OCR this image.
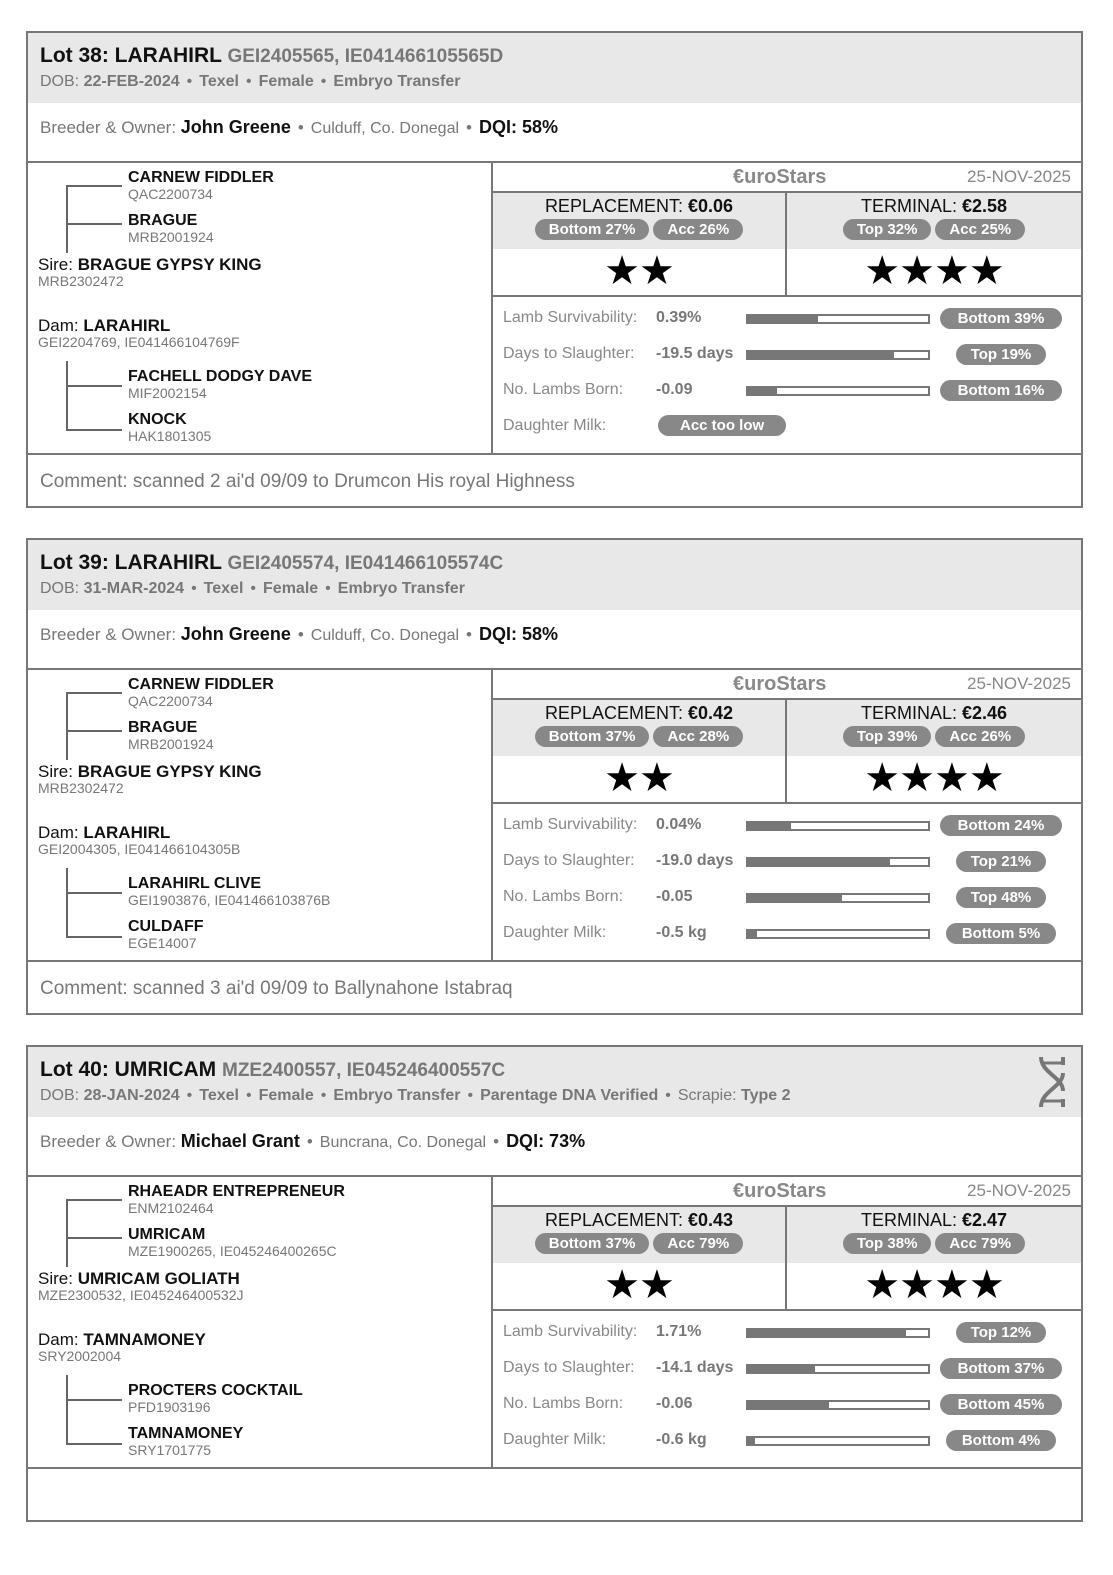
Lot 38: LARAHIRL GEI2405565, IE041466105565D
DOB: 22-FEB-2024 • Texel • Female • Embryo Transfer
Breeder & Owner: John Greene • Culduff, Co. Donegal • DQI: 58%
CARNEW FIDDLER
QAC2200734
BRAGUE
MRB2001924
Sire: BRAGUE GYPSY KING
MRB2302472
Dam: LARAHIRL
GEI2204769, IE041466104769F
FACHELL DODGY DAVE
MIF2002154
KNOCK
HAK1801305
€uroStars	25-NOV-2025
REPLACEMENT: €0.06
Bottom 27% Acc 26%
★★
TERMINAL: €2.58
Top 32% Acc 25%
★★★★
Lamb Survivability: 0.39%	Bottom 39%
Days to Slaughter: -19.5 days	Top 19%
No. Lambs Born: -0.09	Bottom 16%
Daughter Milk:	Acc too low
Comment: scanned 2 ai'd 09/09 to Drumcon His royal Highness
Lot 39: LARAHIRL GEI2405574, IE041466105574C
DOB: 31-MAR-2024 • Texel • Female • Embryo Transfer
Breeder & Owner: John Greene • Culduff, Co. Donegal • DQI: 58%
CARNEW FIDDLER
QAC2200734
BRAGUE
MRB2001924
Sire: BRAGUE GYPSY KING
MRB2302472
Dam: LARAHIRL
GEI2004305, IE041466104305B
LARAHIRL CLIVE
GEI1903876, IE041466103876B
CULDAFF
EGE14007
€uroStars	25-NOV-2025
REPLACEMENT: €0.42
Bottom 37% Acc 28%
★★
TERMINAL: €2.46
Top 39% Acc 26%
★★★★
Lamb Survivability: 0.04%	Bottom 24%
Days to Slaughter: -19.0 days	Top 21%
No. Lambs Born: -0.05	Top 48%
Daughter Milk:	-0.5 kg	Bottom 5%
Comment: scanned 3 ai'd 09/09 to Ballynahone Istabraq
Lot 40: UMRICAM MZE2400557, IE045246400557C
DOB: 28-JAN-2024 • Texel • Female • Embryo Transfer • Parentage DNA Verified • Scrapie: Type 2
Breeder & Owner: Michael Grant • Buncrana, Co. Donegal • DQI: 73%
RHAEADR ENTREPRENEUR
ENM2102464
UMRICAM
MZE1900265, IE045246400265C
Sire: UMRICAM GOLIATH
MZE2300532, IE045246400532J
Dam: TAMNAMONEY
SRY2002004
PROCTERS COCKTAIL
PFD1903196
TAMNAMONEY
SRY1701775
€uroStars	25-NOV-2025
REPLACEMENT: €0.43
Bottom 37% Acc 79%
★★
TERMINAL: €2.47
Top 38% Acc 79%
★★★★
Lamb Survivability: 1.71%	Top 12%
Days to Slaughter: -14.1 days	Bottom 37%
No. Lambs Born: -0.06	Bottom 45%
Daughter Milk:	-0.6 kg	Bottom 4%
